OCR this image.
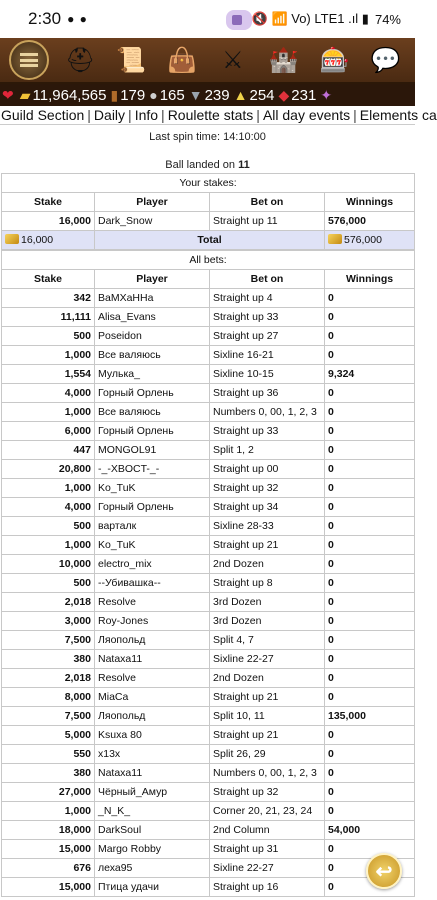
2:30 ● ●	🔇 📶 Vo) LTE1 .ıl ▮ 74%
⛑ 📜 👜	⚔	🏰 🎰 💬
❤ ▰ 11,964,565 ▮ 179 ● 165 ▼ 239 ▲ 254 ◆ 231 ✦
Guild Section | Daily | Info | Roulette stats | All day events | Elements ca
Last spin time: 14:10:00
Ball landed on 11
Your stakes:			
Stake	Player	Bet on	Winnings
16,000	Dark_Snow	Straight up 11	576,000
16,000	Total		576,000
All bets:			
Stake	Player	Bet on	Winnings
342	BaMXaHHa	Straight up 4	0
11,111	Alisa_Evans	Straight up 33	0
500	Poseidon	Straight up 27	0
1,000	Все валяюсь	Sixline 16-21	0
1,554	Мулька_	Sixline 10-15	9,324
4,000	Горный Орлень	Straight up 36	0
1,000	Все валяюсь	Numbers 0, 00, 1, 2, 3	0
6,000	Горный Орлень	Straight up 33	0
447	MONGOL91	Split 1, 2	0
20,800	-_-XBOCT-_-	Straight up 00	0
1,000	Ko_TuK	Straight up 32	0
4,000	Горный Орлень	Straight up 34	0
500	варталк	Sixline 28-33	0
1,000	Ko_TuK	Straight up 21	0
10,000	electro_mix	2nd Dozen	0
500	--Убивашка--	Straight up 8	0
2,018	Resolve	3rd Dozen	0
3,000	Roy-Jones	3rd Dozen	0
7,500	Ляопольд	Split 4, 7	0
380	Nataxa11	Sixline 22-27	0
2,018	Resolve	2nd Dozen	0
8,000	MiaCa	Straight up 21	0
7,500	Ляопольд	Split 10, 11	135,000
5,000	Ksuxa 80	Straight up 21	0
550	x13x	Split 26, 29	0
380	Nataxa11	Numbers 0, 00, 1, 2, 3	0
27,000	Чёрный_Амур	Straight up 32	0
1,000	_N_K_	Corner 20, 21, 23, 24	0
18,000	DarkSoul	2nd Column	54,000
15,000	Margo Robby	Straight up 31	0
676	леха95	Sixline 22-27	0
15,000	Птица удачи	Straight up 16	0
↩
